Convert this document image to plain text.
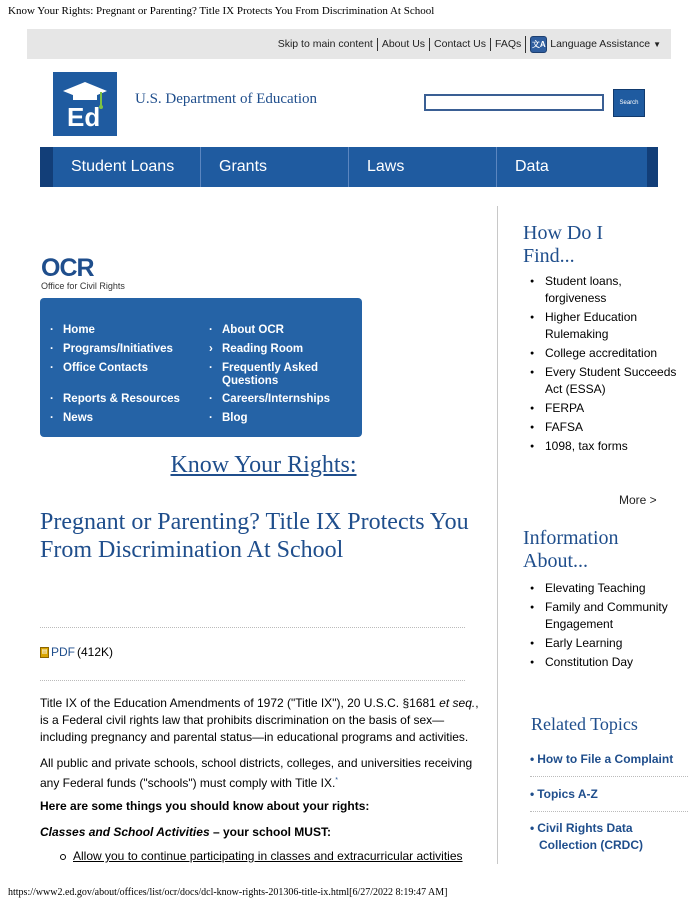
Know Your Rights: Pregnant or Parenting? Title IX Protects You From Discrimination At School
Skip to main content About Us Contact Us FAQs	文A Language Assistance ▼
Ed
U.S. Department of Education	Search
Student Loans	Grants	Laws	Data
OCR
Office for Civil Rights
· Home
· Programs/Initiatives
· Office Contacts
· Reports & Resources
· News
· About OCR
› Reading Room
· Frequently Asked Questions
· Careers/Internships
· Blog
Know Your Rights:
Pregnant or Parenting? Title IX Protects You From Discrimination At School
▤ PDF (412K)
Title IX of the Education Amendments of 1972 ("Title IX"), 20 U.S.C. §1681 et seq., is a Federal civil rights law that prohibits discrimination on the basis of sex—including pregnancy and parental status—in educational programs and activities.
All public and private schools, school districts, colleges, and universities receiving any Federal funds ("schools") must comply with Title IX.*
Here are some things you should know about your rights:
Classes and School Activities – your school MUST:
Allow you to continue participating in classes and extracurricular activities
How Do I Find...
● Student loans, forgiveness
● Higher Education Rulemaking
● College accreditation
● Every Student Succeeds Act (ESSA)
● FERPA
● FAFSA
● 1098, tax forms
More >
Information About...
● Elevating Teaching
● Family and Community Engagement
● Early Learning
● Constitution Day
Related Topics
• How to File a Complaint
• Topics A-Z
• Civil Rights Data Collection (CRDC)
https://www2.ed.gov/about/offices/list/ocr/docs/dcl-know-rights-201306-title-ix.html[6/27/2022 8:19:47 AM]
